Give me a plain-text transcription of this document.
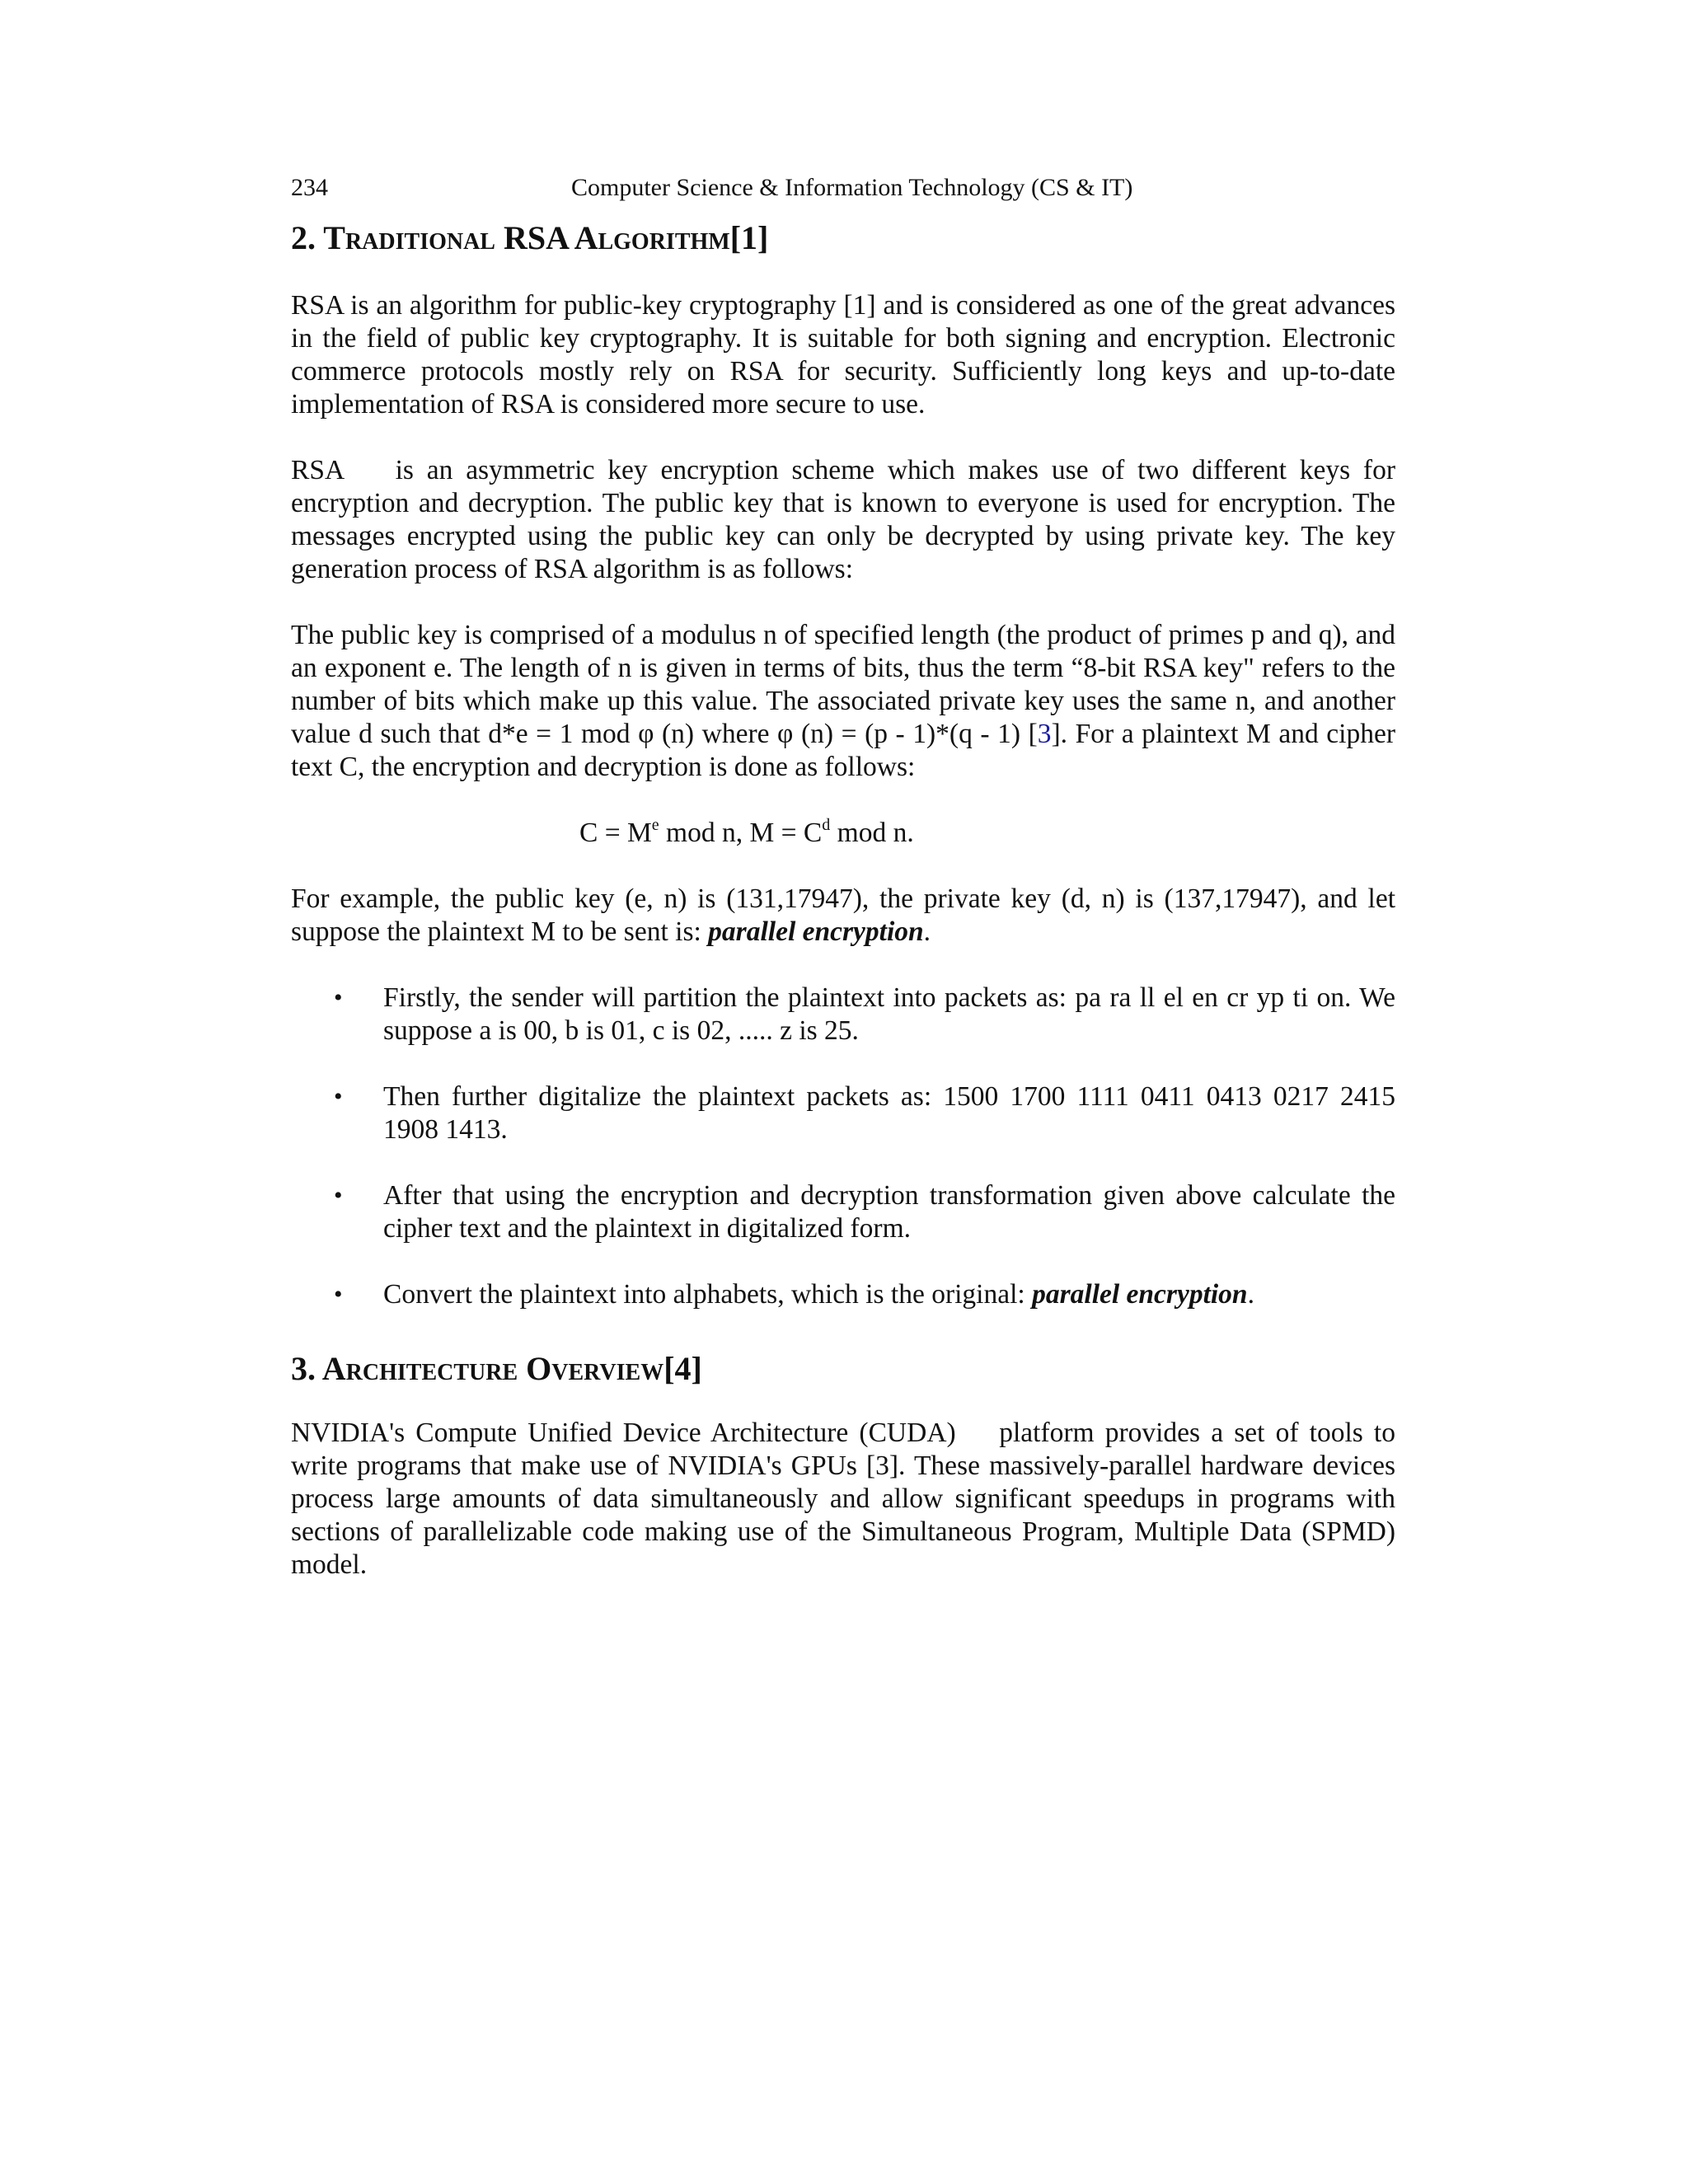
234	Computer Science & Information Technology (CS & IT)
2. Traditional RSA Algorithm[1]

RSA is an algorithm for public-key cryptography [1] and is considered as one of the great advances in the field of public key cryptography. It is suitable for both signing and encryption. Electronic commerce protocols mostly rely on RSA for security. Sufficiently long keys and up-to-date implementation of RSA is considered more secure to use.

RSA    is an asymmetric key encryption scheme which makes use of two different keys for encryption and decryption. The public key that is known to everyone is used for encryption. The messages encrypted using the public key can only be decrypted by using private key. The key generation process of RSA algorithm is as follows:

The public key is comprised of a modulus n of specified length (the product of primes p and q), and an exponent e. The length of n is given in terms of bits, thus the term “8-bit RSA key" refers to the number of bits which make up this value. The associated private key uses the same n, and another value d such that d*e = 1 mod φ (n) where φ (n) = (p - 1)*(q - 1) [3]. For a plaintext M and cipher text C, the encryption and decryption is done as follows:

$C = M^e$ mod n, $M = C^d$ mod n.

For example, the public key (e, n) is (131,17947), the private key (d, n) is (137,17947), and let suppose the plaintext M to be sent is: parallel encryption.

• Firstly, the sender will partition the plaintext into packets as: pa ra ll el en cr yp ti on. We suppose a is 00, b is 01, c is 02, ..... z is 25.
• Then further digitalize the plaintext packets as: 1500 1700 1111 0411 0413 0217 2415 1908 1413.
• After that using the encryption and decryption transformation given above calculate the cipher text and the plaintext in digitalized form.
• Convert the plaintext into alphabets, which is the original: parallel encryption.
3. Architecture Overview[4]

NVIDIA's Compute Unified Device Architecture (CUDA)    platform provides a set of tools to write programs that make use of NVIDIA's GPUs [3]. These massively-parallel hardware devices process large amounts of data simultaneously and allow significant speedups in programs with sections of parallelizable code making use of the Simultaneous Program, Multiple Data (SPMD) model.
